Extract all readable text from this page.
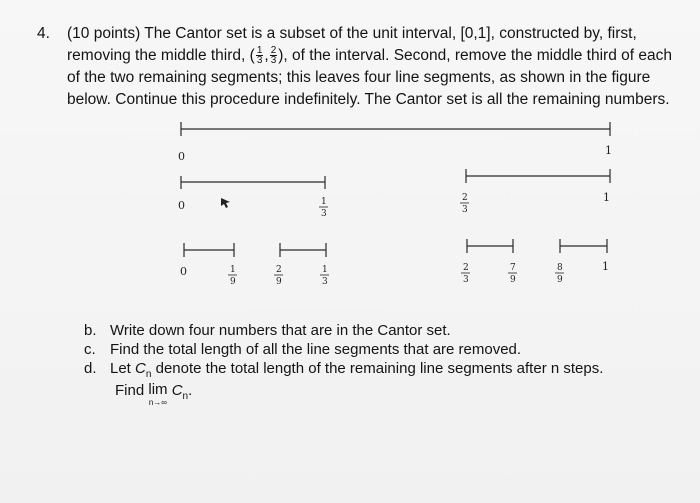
4. (10 points) The Cantor set is a subset of the unit interval, [0,1], constructed by, first,
removing the middle third, ( $\frac{1}{3}$ , $\frac{2}{3}$ ), of the interval. Second, remove the middle third of each
of the two remaining segments; this leaves four line segments, as shown in the figure
below. Continue this procedure indefinitely. The Cantor set is all the remaining numbers.
0	1
0	1
3
2
3
1
0	1
9
2
9
1
3
2
3
7
9
8
9
1
b. Write down four numbers that are in the Cantor set.
c. Find the total length of all the line segments that are removed.
d. Let $C_n$ denote the total length of the remaining line segments after n steps.
Find lim
n→∞
$C_n$.
